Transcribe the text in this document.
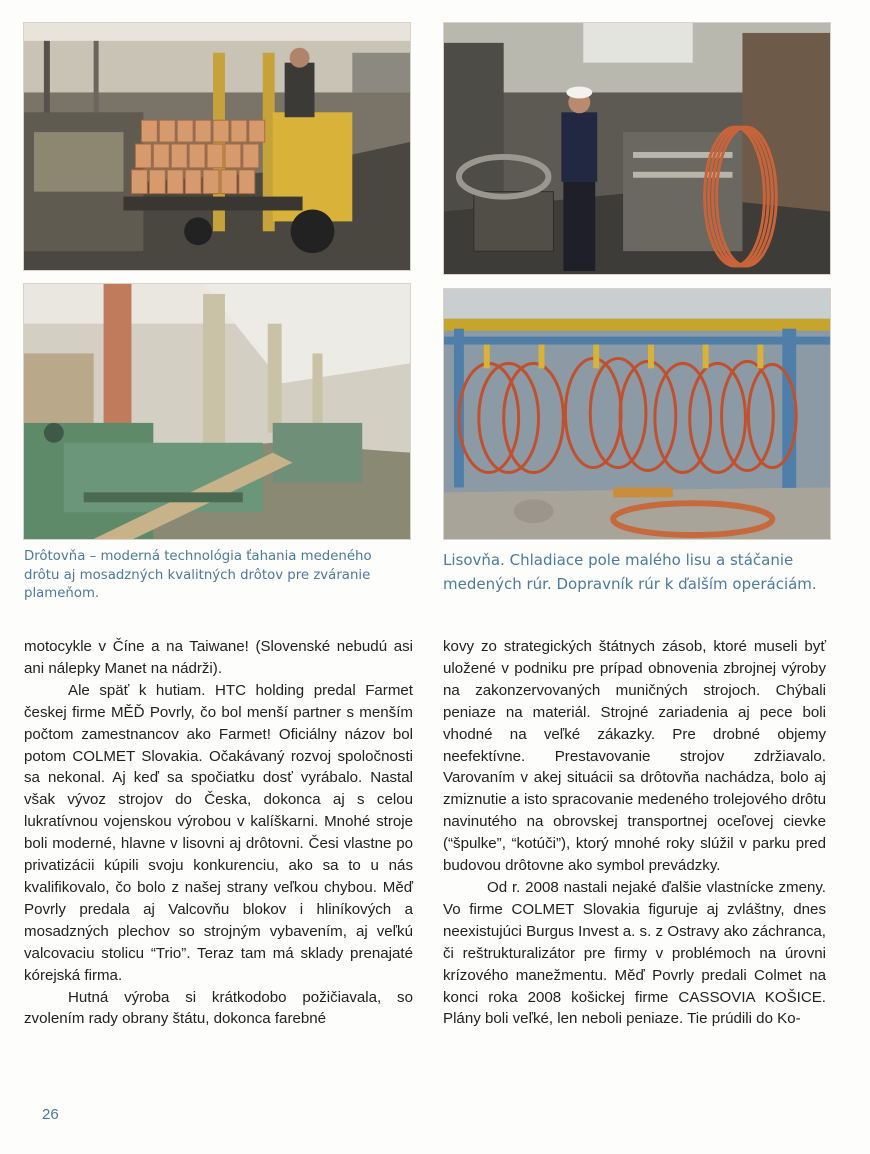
Drôtovňa – moderná technológia ťahania medeného drôtu aj mosadzných kvalitných drôtov pre zváranie plameňom.
Lisovňa. Chladiace pole malého lisu a stáčanie medených rúr. Dopravník rúr k ďalším operáciám.

motocykle v Číne a na Taiwane! (Slovenské nebudú asi ani nálepky Manet na nádrži).

Ale späť k hutiam. HTC holding predal Farmet českej firme MĚĎ Povrly, čo bol menší partner s menším počtom zamestnancov ako Farmet! Oficiálny názov bol potom COLMET Slovakia. Očakávaný rozvoj spoločnosti sa nekonal. Aj keď sa spočiatku dosť vyrábalo. Nastal však vývoz strojov do Česka, dokonca aj s celou lukratívnou vojenskou výrobou v kalíškarni. Mnohé stroje boli moderné, hlavne v lisovni aj drôtovni. Česi vlastne po privatizácii kúpili svoju konkurenciu, ako sa to u nás kvalifikovalo, čo bolo z našej strany veľkou chybou. Měď Povrly predala aj Valcovňu blokov i hliníkových a mosadzných plechov so strojným vybavením, aj veľkú valcovaciu stolicu “Trio”. Teraz tam má sklady prenajaté kórejská firma.

Hutná výroba si krátkodobo požičiavala, so zvolením rady obrany štátu, dokonca farebné

kovy zo strategických štátnych zásob, ktoré museli byť uložené v podniku pre prípad obnovenia zbrojnej výroby na zakonzervovaných muničných strojoch. Chýbali peniaze na materiál. Strojné zariadenia aj pece boli vhodné na veľké zákazky. Pre drobné objemy neefektívne. Prestavovanie strojov zdržiavalo. Varovaním v akej situácii sa drôtovňa nachádza, bolo aj zmiznutie a isto spracovanie medeného trolejového drôtu navinutého na obrovskej transportnej oceľovej cievke (“špulke”, “kotúči”), ktorý mnohé roky slúžil v parku pred budovou drôtovne ako symbol prevádzky.

Od r. 2008 nastali nejaké ďalšie vlastnícke zmeny. Vo firme COLMET Slovakia figuruje aj zvláštny, dnes neexistujúci Burgus Invest a. s. z Ostravy ako záchranca, či reštrukturalizátor pre firmy v problémoch na úrovni krízového manežmentu. Měď Povrly predali Colmet na konci roka 2008 košickej firme CASSOVIA KOŠICE. Plány boli veľké, len neboli peniaze. Tie prúdili do Ko-

26
